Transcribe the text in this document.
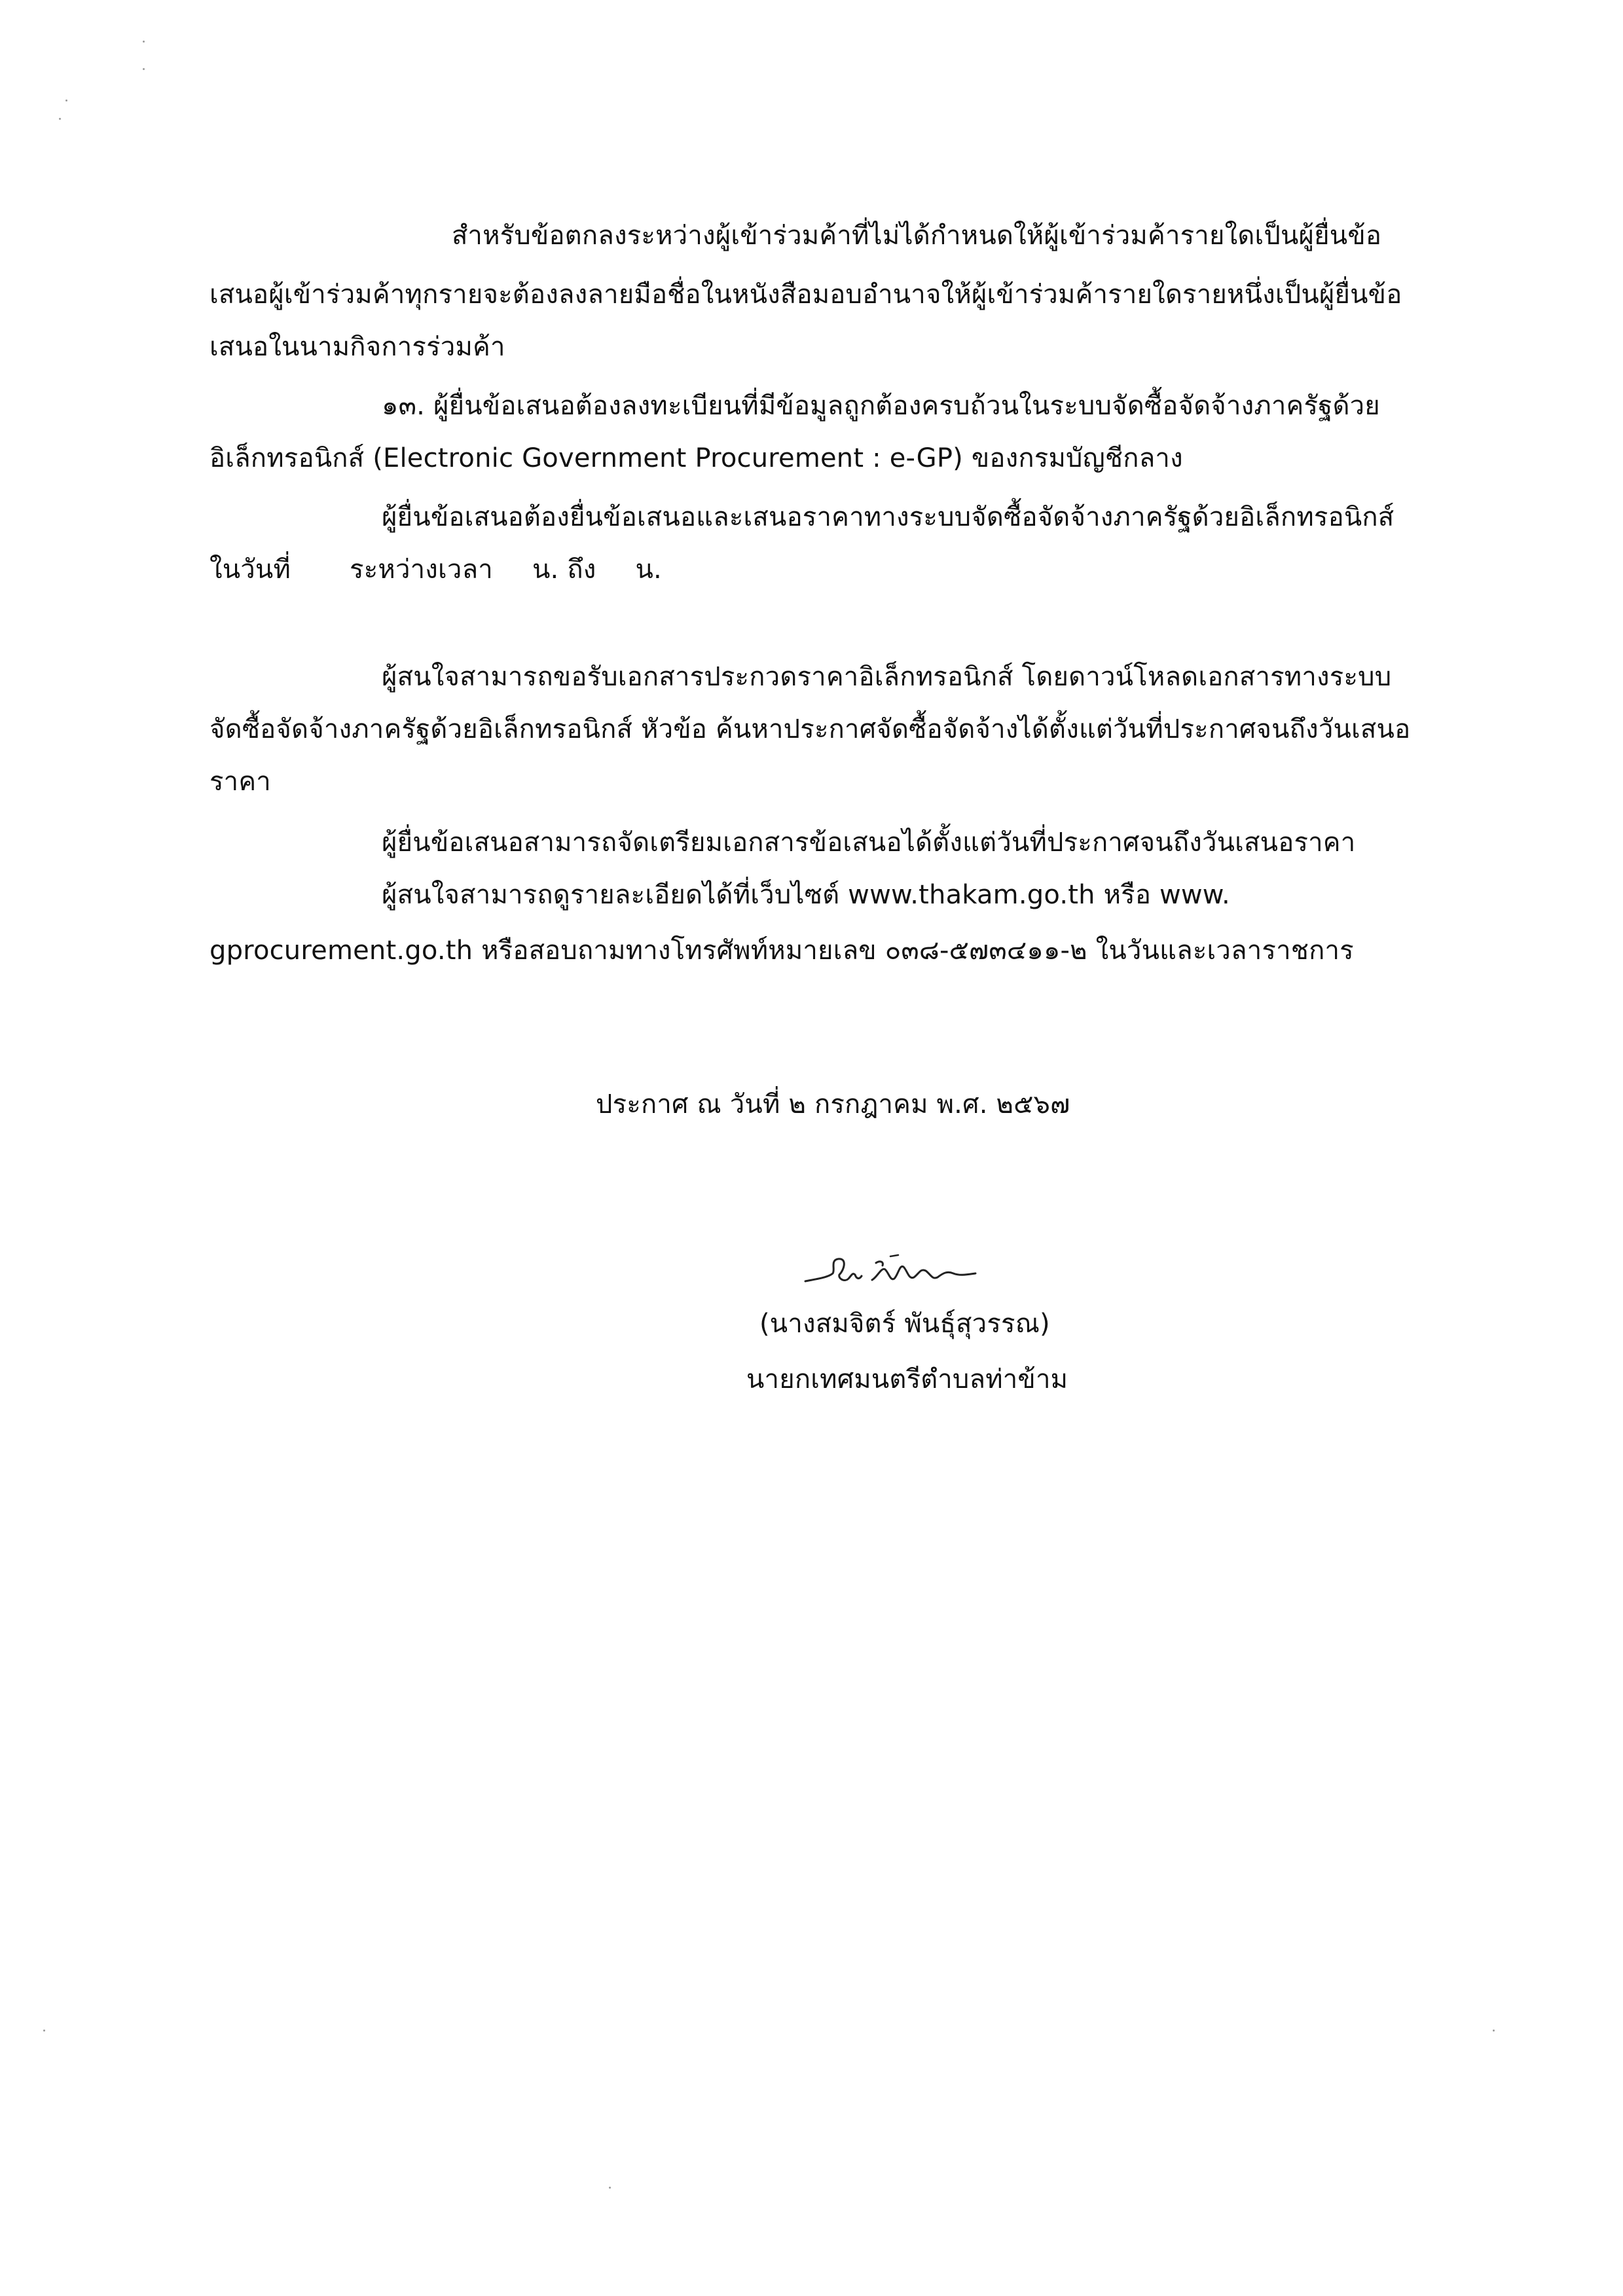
สำหรับข้อตกลงระหว่างผู้เข้าร่วมค้าที่ไม่ได้กำหนดให้ผู้เข้าร่วมค้ารายใดเป็นผู้ยื่นข้อ
เสนอผู้เข้าร่วมค้าทุกรายจะต้องลงลายมือชื่อในหนังสือมอบอำนาจให้ผู้เข้าร่วมค้ารายใดรายหนึ่งเป็นผู้ยื่นข้อ
เสนอในนามกิจการร่วมค้า
๑๓. ผู้ยื่นข้อเสนอต้องลงทะเบียนที่มีข้อมูลถูกต้องครบถ้วนในระบบจัดซื้อจัดจ้างภาครัฐด้วย
อิเล็กทรอนิกส์ (Electronic Government Procurement : e-GP) ของกรมบัญชีกลาง
ผู้ยื่นข้อเสนอต้องยื่นข้อเสนอและเสนอราคาทางระบบจัดซื้อจัดจ้างภาครัฐด้วยอิเล็กทรอนิกส์
ในวันที่ ระหว่างเวลา น. ถึง น.
ผู้สนใจสามารถขอรับเอกสารประกวดราคาอิเล็กทรอนิกส์ โดยดาวน์โหลดเอกสารทางระบบ
จัดซื้อจัดจ้างภาครัฐด้วยอิเล็กทรอนิกส์ หัวข้อ ค้นหาประกาศจัดซื้อจัดจ้างได้ตั้งแต่วันที่ประกาศจนถึงวันเสนอ
ราคา
ผู้ยื่นข้อเสนอสามารถจัดเตรียมเอกสารข้อเสนอได้ตั้งแต่วันที่ประกาศจนถึงวันเสนอราคา
ผู้สนใจสามารถดูรายละเอียดได้ที่เว็บไซต์ www.thakam.go.th หรือ www.
gprocurement.go.th หรือสอบถามทางโทรศัพท์หมายเลข ๐๓๘-๕๗๓๔๑๑-๒ ในวันและเวลาราชการ
ประกาศ ณ วันที่ ๒ กรกฎาคม พ.ศ. ๒๕๖๗
(นางสมจิตร์ พันธุ์สุวรรณ)
นายกเทศมนตรีตำบลท่าข้าม
